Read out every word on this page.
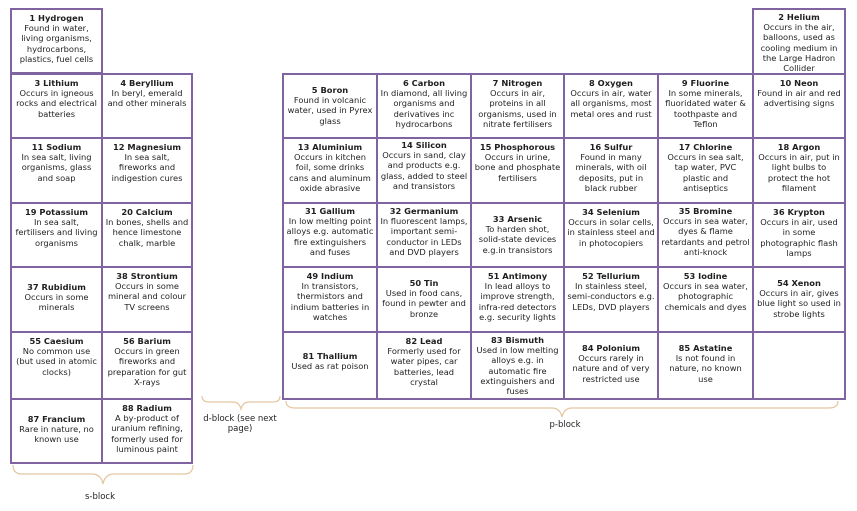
1 Hydrogen
Found in water, living organisms, hydrocarbons, plastics, fuel cells
3 Lithium
Occurs in igneous rocks and electrical batteries
4 Beryllium
In beryl, emerald and other minerals
11 Sodium
In sea salt, living organisms, glass and soap
12 Magnesium
In sea salt, fireworks and indigestion cures
19 Potassium
In sea salt, fertilisers and living organisms
20 Calcium
In bones, shells and hence limestone chalk, marble
37 Rubidium
Occurs in some minerals
38 Strontium
Occurs in some mineral and colour TV screens
55 Caesium
No common use (but used in atomic clocks)
56 Barium
Occurs in green fireworks and preparation for gut X-rays
87 Francium
Rare in nature, no known use
88 Radium
A by-product of uranium refining, formerly used for luminous paint
s-block
d-block (see next page)
2 Helium
Occurs in the air, balloons, used as cooling medium in the Large Hadron Collider
5 Boron
Found in volcanic water, used in Pyrex glass
6 Carbon
In diamond, all living organisms and derivatives inc hydrocarbons
7 Nitrogen
Occurs in air, proteins in all organisms, used in nitrate fertilisers
8 Oxygen
Occurs in air, water all organisms, most metal ores and rust
9 Fluorine
In some minerals, fluoridated water & toothpaste and Teflon
10 Neon
Found in air and red advertising signs
13 Aluminium
Occurs in kitchen foil, some drinks cans and aluminum oxide abrasive
14 Silicon
Occurs in sand, clay and products e.g. glass, added to steel and transistors
15 Phosphorous
Occurs in urine, bone and phosphate fertilisers
16 Sulfur
Found in many minerals, with oil deposits, put in black rubber
17 Chlorine
Occurs in sea salt, tap water, PVC plastic and antiseptics
18 Argon
Occurs in air, put in light bulbs to protect the hot filament
31 Gallium
In low melting point alloys e.g. automatic fire extinguishers and fuses
32 Germanium
In fluorescent lamps, important semi-conductor in LEDs and DVD players
33 Arsenic
To harden shot, solid-state devices e.g.in transistors
34 Selenium
Occurs in solar cells, in stainless steel and in photocopiers
35 Bromine
Occurs in sea water, dyes & flame retardants and petrol anti-knock
36 Krypton
Occurs in air, used in some photographic flash lamps
49 Indium
In transistors, thermistors and indium batteries in watches
50 Tin
Used in food cans, found in pewter and bronze
51 Antimony
In lead alloys to improve strength, infra-red detectors e.g. security lights
52 Tellurium
In stainless steel, semi-conductors e.g. LEDs, DVD players
53 Iodine
Occurs in sea water, photographic chemicals and dyes
54 Xenon
Occurs in air, gives blue light so used in strobe lights
81 Thallium
Used as rat poison
82 Lead
Formerly used for water pipes, car batteries, lead crystal
83 Bismuth
Used in low melting alloys e.g. in automatic fire extinguishers and fuses
84 Polonium
Occurs rarely in nature and of very restricted use
85 Astatine
Is not found in nature, no known use
p-block
